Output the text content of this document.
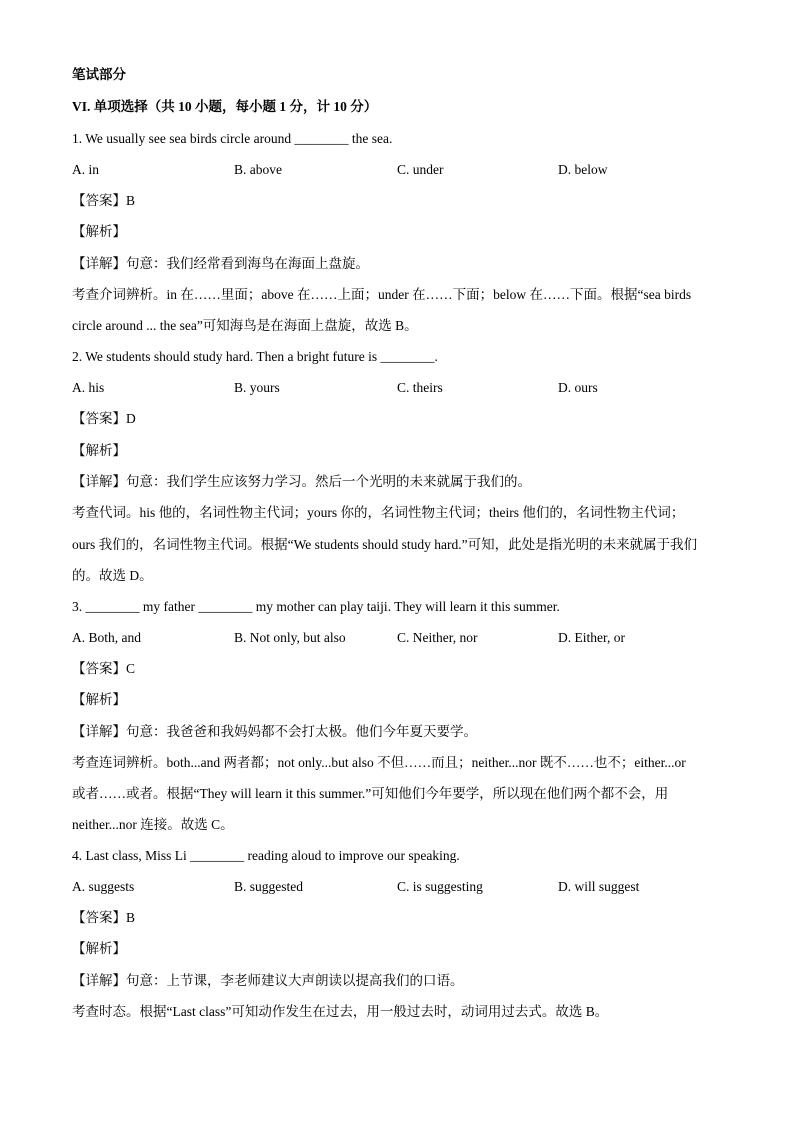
笔试部分
VI. 单项选择（共 10 小题，每小题 1 分，计 10 分）
1. We usually see sea birds circle around ________ the sea.
A. in	B. above	C. under	D. below
【答案】B
【解析】
【详解】句意：我们经常看到海鸟在海面上盘旋。
考查介词辨析。in 在……里面；above 在……上面；under 在……下面；below 在……下面。根据“sea birds
circle around ... the sea”可知海鸟是在海面上盘旋，故选 B。
2. We students should study hard. Then a bright future is ________.
A. his	B. yours	C. theirs	D. ours
【答案】D
【解析】
【详解】句意：我们学生应该努力学习。然后一个光明的未来就属于我们的。
考查代词。his 他的，名词性物主代词；yours 你的，名词性物主代词；theirs 他们的，名词性物主代词；
ours 我们的，名词性物主代词。根据“We students should study hard.”可知，此处是指光明的未来就属于我们
的。故选 D。
3. ________ my father ________ my mother can play taiji. They will learn it this summer.
A. Both, and	B. Not only, but also	C. Neither, nor	D. Either, or
【答案】C
【解析】
【详解】句意：我爸爸和我妈妈都不会打太极。他们今年夏天要学。
考查连词辨析。both...and 两者都；not only...but also 不但……而且；neither...nor 既不……也不；either...or
或者……或者。根据“They will learn it this summer.”可知他们今年要学，所以现在他们两个都不会，用
neither...nor 连接。故选 C。
4. Last class, Miss Li ________ reading aloud to improve our speaking.
A. suggests	B. suggested	C. is suggesting	D. will suggest
【答案】B
【解析】
【详解】句意：上节课，李老师建议大声朗读以提高我们的口语。
考查时态。根据“Last class”可知动作发生在过去，用一般过去时，动词用过去式。故选 B。
